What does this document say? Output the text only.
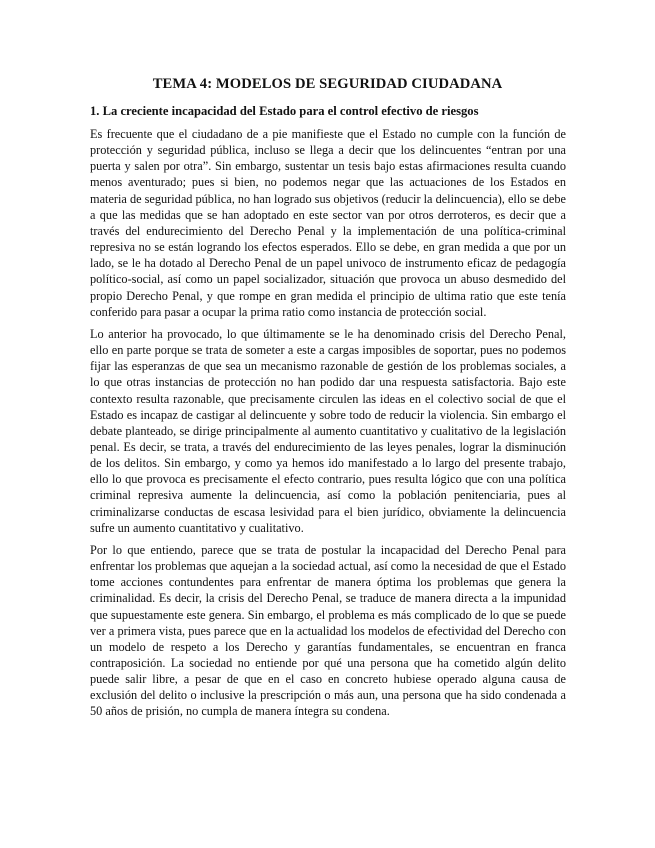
TEMA 4: MODELOS DE SEGURIDAD CIUDADANA
1. La creciente incapacidad del Estado para el control efectivo de riesgos

Es frecuente que el ciudadano de a pie manifieste que el Estado no cumple con la función de protección y seguridad pública, incluso se llega a decir que los delincuentes “entran por una puerta y salen por otra”. Sin embargo, sustentar un tesis bajo estas afirmaciones resulta cuando menos aventurado; pues si bien, no podemos negar que las actuaciones de los Estados en materia de seguridad pública, no han logrado sus objetivos (reducir la delincuencia), ello se debe a que las medidas que se han adoptado en este sector van por otros derroteros, es decir que a través del endurecimiento del Derecho Penal y la implementación de una política-criminal represiva no se están logrando los efectos esperados. Ello se debe, en gran medida a que por un lado, se le ha dotado al Derecho Penal de un papel univoco de instrumento eficaz de pedagogía político-social, así como un papel socializador, situación que provoca un abuso desmedido del propio Derecho Penal, y que rompe en gran medida el principio de ultima ratio que este tenía conferido para pasar a ocupar la prima ratio como instancia de protección social.

Lo anterior ha provocado, lo que últimamente se le ha denominado crisis del Derecho Penal, ello en parte porque se trata de someter a este a cargas imposibles de soportar, pues no podemos fijar las esperanzas de que sea un mecanismo razonable de gestión de los problemas sociales, a lo que otras instancias de protección no han podido dar una respuesta satisfactoria. Bajo este contexto resulta razonable, que precisamente circulen las ideas en el colectivo social de que el Estado es incapaz de castigar al delincuente y sobre todo de reducir la violencia. Sin embargo el debate planteado, se dirige principalmente al aumento cuantitativo y cualitativo de la legislación penal. Es decir, se trata, a través del endurecimiento de las leyes penales, lograr la disminución de los delitos. Sin embargo, y como ya hemos ido manifestado a lo largo del presente trabajo, ello lo que provoca es precisamente el efecto contrario, pues resulta lógico que con una política criminal represiva aumente la delincuencia, así como la población penitenciaria, pues al criminalizarse conductas de escasa lesividad para el bien jurídico, obviamente la delincuencia sufre un aumento cuantitativo y cualitativo.

Por lo que entiendo, parece que se trata de postular la incapacidad del Derecho Penal para enfrentar los problemas que aquejan a la sociedad actual, así como la necesidad de que el Estado tome acciones contundentes para enfrentar de manera óptima los problemas que genera la criminalidad. Es decir, la crisis del Derecho Penal, se traduce de manera directa a la impunidad que supuestamente este genera. Sin embargo, el problema es más complicado de lo que se puede ver a primera vista, pues parece que en la actualidad los modelos de efectividad del Derecho con un modelo de respeto a los Derecho y garantías fundamentales, se encuentran en franca contraposición. La sociedad no entiende por qué una persona que ha cometido algún delito puede salir libre, a pesar de que en el caso en concreto hubiese operado alguna causa de exclusión del delito o inclusive la prescripción o más aun, una persona que ha sido condenada a 50 años de prisión, no cumpla de manera íntegra su condena.
